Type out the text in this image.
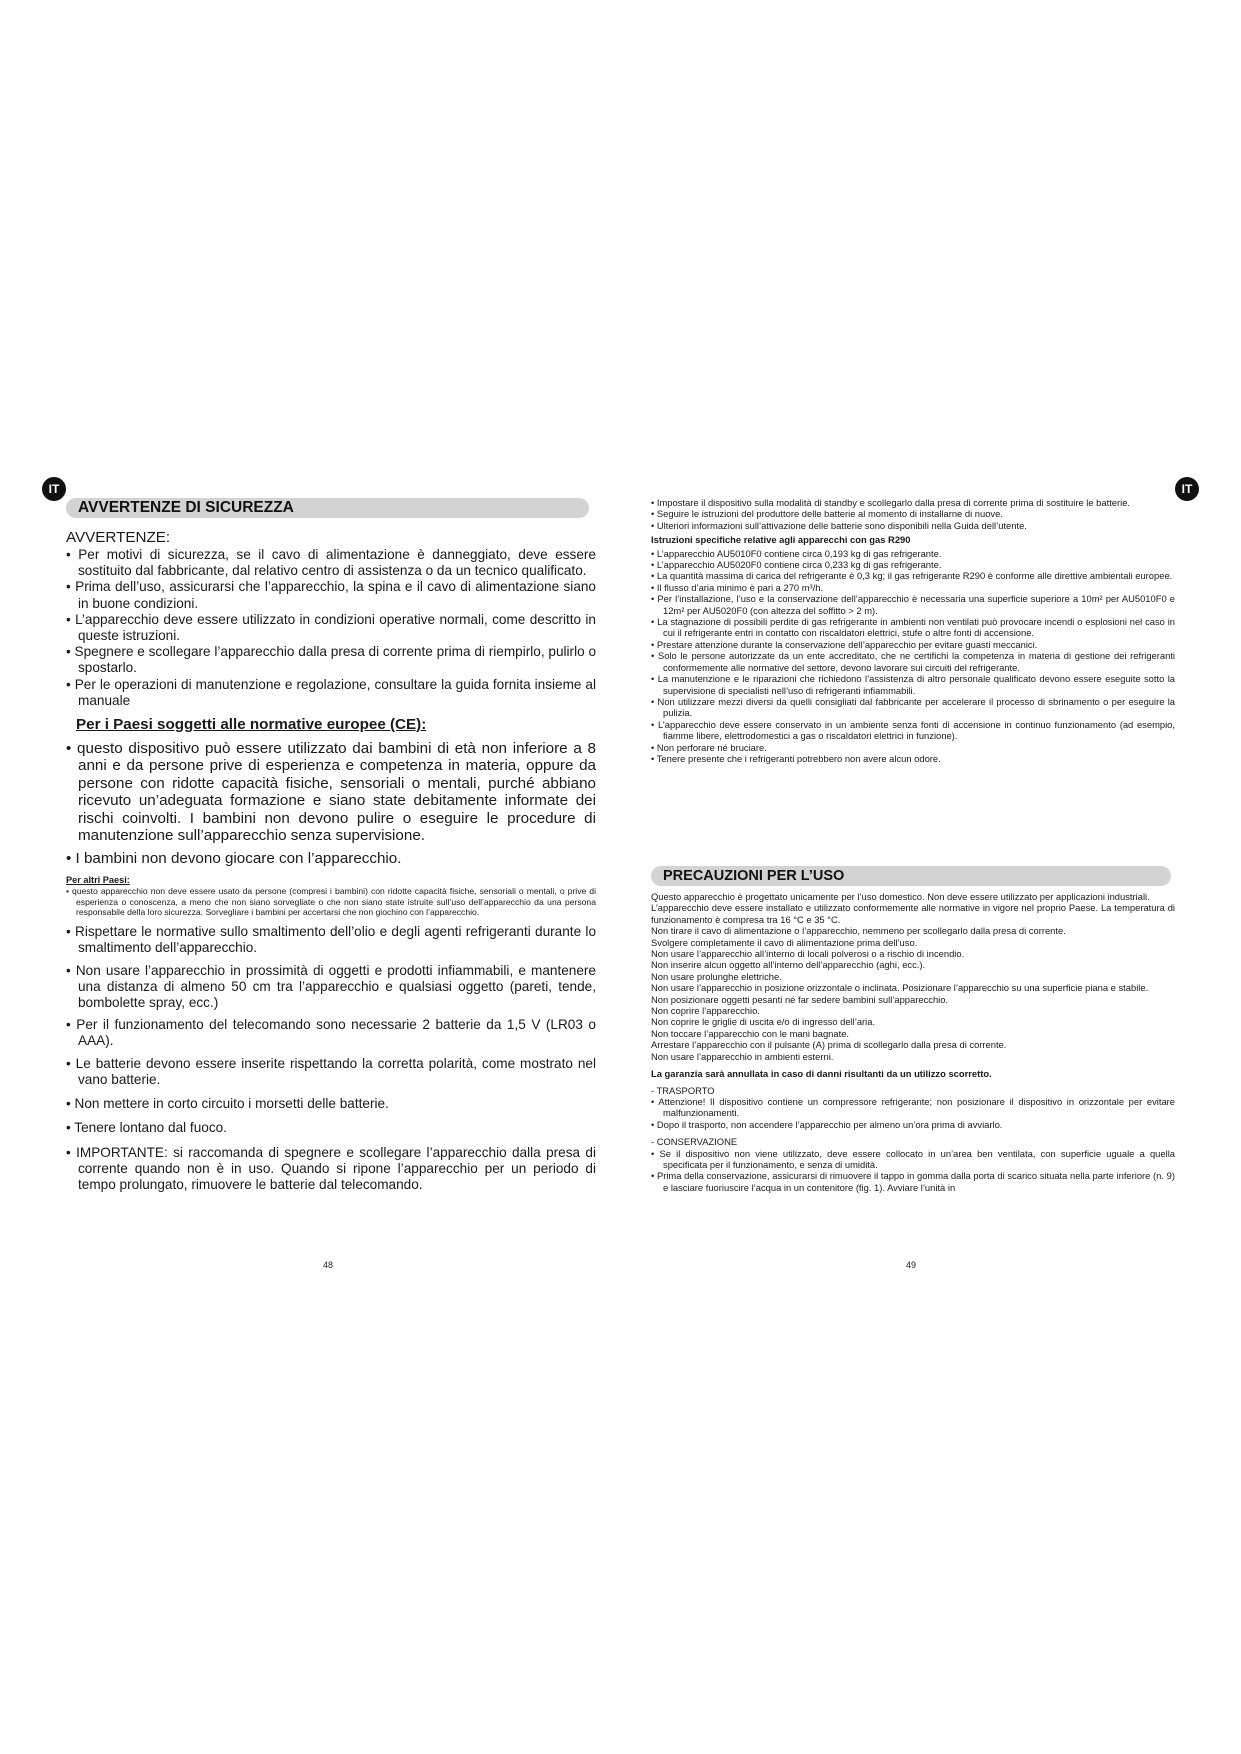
IT
AVVERTENZE DI SICUREZZA

AVVERTENZE:

• Per motivi di sicurezza, se il cavo di alimentazione è danneggiato, deve essere sostituito dal fabbricante, dal relativo centro di assistenza o da un tecnico qualificato.

• Prima dell’uso, assicurarsi che l’apparecchio, la spina e il cavo di alimentazione siano in buone condizioni.

• L’apparecchio deve essere utilizzato in condizioni operative normali, come descritto in queste istruzioni.

• Spegnere e scollegare l’apparecchio dalla presa di corrente prima di riempirlo, pulirlo o spostarlo.

• Per le operazioni di manutenzione e regolazione, consultare la guida fornita insieme al manuale

Per i Paesi soggetti alle normative europee (CE):

• questo dispositivo può essere utilizzato dai bambini di età non inferiore a 8 anni e da persone prive di esperienza e competenza in materia, oppure da persone con ridotte capacità fisiche, sensoriali o mentali, purché abbiano ricevuto un’adeguata formazione e siano state debitamente informate dei rischi coinvolti. I bambini non devono pulire o eseguire le procedure di manutenzione sull’apparecchio senza supervisione.

• I bambini non devono giocare con l’apparecchio.

Per altri Paesi:

• questo apparecchio non deve essere usato da persone (compresi i bambini) con ridotte capacità fisiche, sensoriali o mentali, o prive di esperienza o conoscenza, a meno che non siano sorvegliate o che non siano state istruite sull’uso dell’apparecchio da una persona responsabile della loro sicurezza. Sorvegliare i bambini per accertarsi che non giochino con l’apparecchio.

• Rispettare le normative sullo smaltimento dell’olio e degli agenti refrigeranti durante lo smaltimento dell’apparecchio.

• Non usare l’apparecchio in prossimità di oggetti e prodotti infiammabili, e mantenere una distanza di almeno 50 cm tra l’apparecchio e qualsiasi oggetto (pareti, tende, bombolette spray, ecc.)

• Per il funzionamento del telecomando sono necessarie 2 batterie da 1,5 V (LR03 o AAA).

• Le batterie devono essere inserite rispettando la corretta polarità, come mostrato nel vano batterie.

• Non mettere in corto circuito i morsetti delle batterie.

• Tenere lontano dal fuoco.

• IMPORTANTE: si raccomanda di spegnere e scollegare l’apparecchio dalla presa di corrente quando non è in uso. Quando si ripone l’apparecchio per un periodo di tempo prolungato, rimuovere le batterie dal telecomando.

48
IT

• Impostare il dispositivo sulla modalità di standby e scollegarlo dalla presa di corrente prima di sostituire le batterie.

• Seguire le istruzioni del produttore delle batterie al momento di installarne di nuove.

• Ulteriori informazioni sull’attivazione delle batterie sono disponibili nella Guida dell’utente.

Istruzioni specifiche relative agli apparecchi con gas R290

• L’apparecchio AU5010F0 contiene circa 0,193 kg di gas refrigerante.

• L’apparecchio AU5020F0 contiene circa 0,233 kg di gas refrigerante.

• La quantità massima di carica del refrigerante è 0,3 kg; il gas refrigerante R290 è conforme alle direttive ambientali europee.

• Il flusso d’aria minimo è pari a 270 m³/h.

• Per l’installazione, l’uso e la conservazione dell’apparecchio è necessaria una superficie superiore a 10m² per AU5010F0 e 12m² per AU5020F0 (con altezza del soffitto > 2 m).

• La stagnazione di possibili perdite di gas refrigerante in ambienti non ventilati può provocare incendi o esplosioni nel caso in cui il refrigerante entri in contatto con riscaldatori elettrici, stufe o altre fonti di accensione.

• Prestare attenzione durante la conservazione dell’apparecchio per evitare guasti meccanici.

• Solo le persone autorizzate da un ente accreditato, che ne certifichi la competenza in materia di gestione dei refrigeranti conformemente alle normative del settore, devono lavorare sui circuiti del refrigerante.

• La manutenzione e le riparazioni che richiedono l’assistenza di altro personale qualificato devono essere eseguite sotto la supervisione di specialisti nell’uso di refrigeranti infiammabili.

• Non utilizzare mezzi diversi da quelli consigliati dal fabbricante per accelerare il processo di sbrinamento o per eseguire la pulizia.

• L’apparecchio deve essere conservato in un ambiente senza fonti di accensione in continuo funzionamento (ad esempio, fiamme libere, elettrodomestici a gas o riscaldatori elettrici in funzione).

• Non perforare né bruciare.

• Tenere presente che i refrigeranti potrebbero non avere alcun odore.

PRECAUZIONI PER L’USO

Questo apparecchio è progettato unicamente per l’uso domestico. Non deve essere utilizzato per applicazioni industriali.

L’apparecchio deve essere installato e utilizzato conformemente alle normative in vigore nel proprio Paese. La temperatura di funzionamento è compresa tra 16 °C e 35 °C.

Non tirare il cavo di alimentazione o l’apparecchio, nemmeno per scollegarlo dalla presa di corrente.

Svolgere completamente il cavo di alimentazione prima dell’uso.

Non usare l’apparecchio all’interno di locali polverosi o a rischio di incendio.

Non inserire alcun oggetto all’interno dell’apparecchio (aghi, ecc.).

Non usare prolunghe elettriche.

Non usare l’apparecchio in posizione orizzontale o inclinata. Posizionare l’apparecchio su una superficie piana e stabile.

Non posizionare oggetti pesanti né far sedere bambini sull’apparecchio.

Non coprire l’apparecchio.

Non coprire le griglie di uscita e/o di ingresso dell’aria.

Non toccare l’apparecchio con le mani bagnate.

Arrestare l’apparecchio con il pulsante (A) prima di scollegarlo dalla presa di corrente.

Non usare l’apparecchio in ambienti esterni.

La garanzia sarà annullata in caso di danni risultanti da un utilizzo scorretto.

- TRASPORTO

• Attenzione! Il dispositivo contiene un compressore refrigerante; non posizionare il dispositivo in orizzontale per evitare malfunzionamenti.

• Dopo il trasporto, non accendere l’apparecchio per almeno un’ora prima di avviarlo.

- CONSERVAZIONE

• Se il dispositivo non viene utilizzato, deve essere collocato in un’area ben ventilata, con superficie uguale a quella specificata per il funzionamento, e senza di umidità.

• Prima della conservazione, assicurarsi di rimuovere il tappo in gomma dalla porta di scarico situata nella parte inferiore (n. 9) e lasciare fuoriuscire l’acqua in un contenitore (fig. 1). Avviare l’unità in

49
